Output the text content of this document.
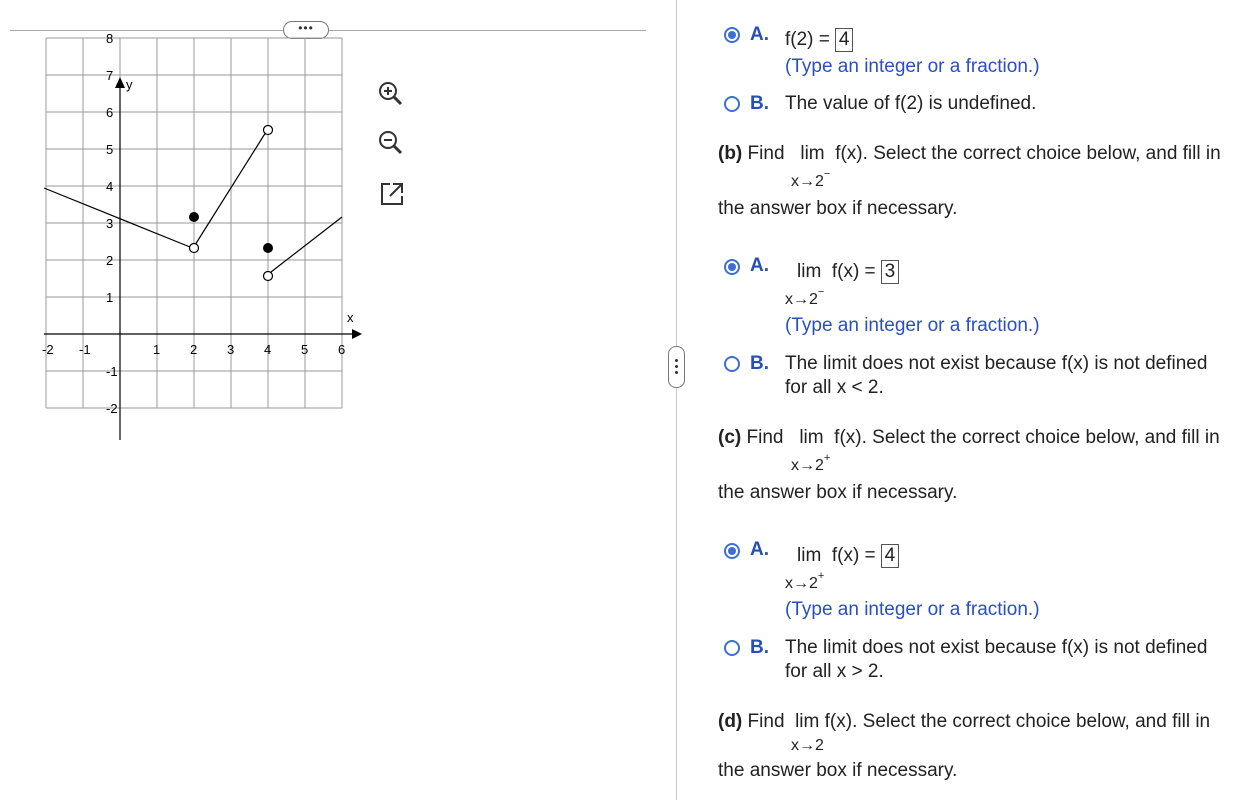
•••
x
y
-2 -1	1 2 3 4 5 6
8
7
6
5
4
3
2
1
-1
-2
A. f(2) = 4
(Type an integer or a fraction.)
B. The value of f(2) is undefined.
(b) Find lim f(x). Select the correct choice below, and fill in
x→2−
the answer box if necessary.
A. lim f(x) = 3
x→2−
(Type an integer or a fraction.)
B. The limit does not exist because f(x) is not defined
for all x < 2.
(c) Find lim f(x). Select the correct choice below, and fill in
x→2+
the answer box if necessary.
A. lim f(x) = 4
x→2+
(Type an integer or a fraction.)
B. The limit does not exist because f(x) is not defined
for all x > 2.
(d) Find lim f(x). Select the correct choice below, and fill in
x→2
the answer box if necessary.
